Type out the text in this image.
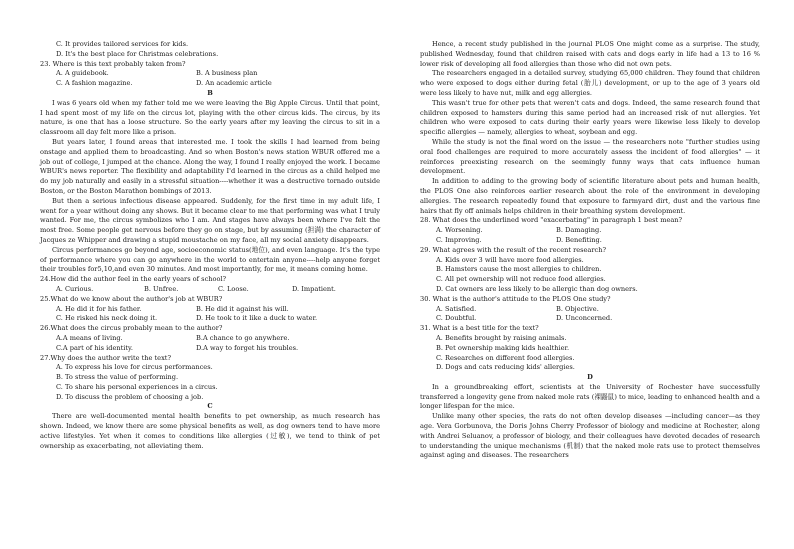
C. It provides tailored services for kids.
D. It's the best place for Christmas celebrations.
23. Where is this text probably taken from?
A. A guidebook.	B. A business plan
C. A fashion magazine.	D. An academic article
B
I was 6 years old when my father told me we were leaving the Big Apple Circus. Until that point, I had spent most of my life on the circus lot, playing with the other circus kids. The circus, by its nature, is one that has a loose structure. So the early years after my leaving the circus to sit in a classroom all day felt more like a prison.
But years later, I found areas that interested me. I took the skills I had learned from being onstage and applied them to broadcasting. And so when Boston's news station WBUR offered me a job out of college, I jumped at the chance. Along the way, I found I really enjoyed the work. I became WBUR's news reporter. The flexibility and adaptability I'd learned in the circus as a child helped me do my job naturally and easily in a stressful situation----whether it was a destructive tornado outside Boston, or the Boston Marathon bombings of 2013.
But then a serious infectious disease appeared. Suddenly, for the first time in my adult life, I went for a year without doing any shows. But it became clear to me that performing was what I truly wanted. For me, the circus symbolizes who I am. And stages have always been where I've felt the most free. Some people get nervous before they go on stage, but by assuming (担满) the character of Jacques ze Whipper and drawing a stupid moustache on my face, all my social anxiety disappears.
Circus performances go beyond age, socioeconomic status(地位), and even language. It's the type of performance where you can go anywhere in the world to entertain anyone----help anyone forget their troubles for5,10,and even 30 minutes. And most importantly, for me, it means coming home.
24.How did the author feel in the early years of school?
A. Curious.	B. Unfree.	C. Loose.	D. Impatient.
25.What do we know about the author's job at WBUR?
A. He did it for his father.	B. He did it against his will.
C. He risked his neck doing it.	D. He took to it like a duck to water.
26.What does the circus probably mean to the author?
A.A means of living.	B.A chance to go anywhere.
C.A part of his identity.	D.A way to forget his troubles.
27.Why does the author write the text?
A. To express his love for circus performances.
B. To stress the value of performing.
C. To share his personal experiences in a circus.
D. To discuss the problem of choosing a job.
C
There are well-documented mental health benefits to pet ownership, as much research has shown. Indeed, we know there are some physical benefits as well, as dog owners tend to have more active lifestyles. Yet when it comes to conditions like allergies (过敏), we tend to think of pet ownership as exacerbating, not alleviating them.
Hence, a recent study published in the journal PLOS One might come as a surprise. The study, published Wednesday, found that children raised with cats and dogs early in life had a 13 to 16 % lower risk of developing all food allergies than those who did not own pets.
The researchers engaged in a detailed survey, studying 65,000 children. They found that children who were exposed to dogs either during fetal (胎儿) development, or up to the age of 3 years old were less likely to have nut, milk and egg allergies.
This wasn't true for other pets that weren't cats and dogs. Indeed, the same research found that children exposed to hamsters during this same period had an increased risk of nut allergies. Yet children who were exposed to cats during their early years were likewise less likely to develop specific allergies — namely, allergies to wheat, soybean and egg.
While the study is not the final word on the issue — the researchers note "further studies using oral food challenges are required to more accurately assess the incident of food allergies" — it reinforces preexisting research on the seemingly funny ways that cats influence human development.
In addition to adding to the growing body of scientific literature about pets and human health, the PLOS One also reinforces earlier research about the role of the environment in developing allergies. The research repeatedly found that exposure to farmyard dirt, dust and the various fine hairs that fly off animals helps children in their breathing system development.
28. What does the underlined word "exacerbating" in paragraph 1 best mean?
A. Worsening.	B. Damaging.
C. Improving.	D. Benefiting.
29. What agrees with the result of the recent research?
A. Kids over 3 will have more food allergies.
B. Hamsters cause the most allergies to children.
C. All pet ownership will not reduce food allergies.
D. Cat owners are less likely to be allergic than dog owners.
30. What is the author's attitude to the PLOS One study?
A. Satisfied.	B. Objective.
C. Doubtful.	D. Unconcerned.
31. What is a best title for the text?
A. Benefits brought by raising animals.
B. Pet ownership making kids healthier.
C. Researches on different food allergies.
D. Dogs and cats reducing kids' allergies.
D
In a groundbreaking effort, scientists at the University of Rochester have successfully transferred a longevity gene from naked mole rats (裸鼹鼠) to mice, leading to enhanced health and a longer lifespan for the mice.
Unlike many other species, the rats do not often develop diseases —including cancer—as they age. Vera Gorbunova, the Doris Johns Cherry Professor of biology and medicine at Rochester, along with Andrei Seluanov, a professor of biology, and their colleagues have devoted decades of research to understanding the unique mechanisms (机制) that the naked mole rats use to protect themselves against aging and diseases. The researchers
